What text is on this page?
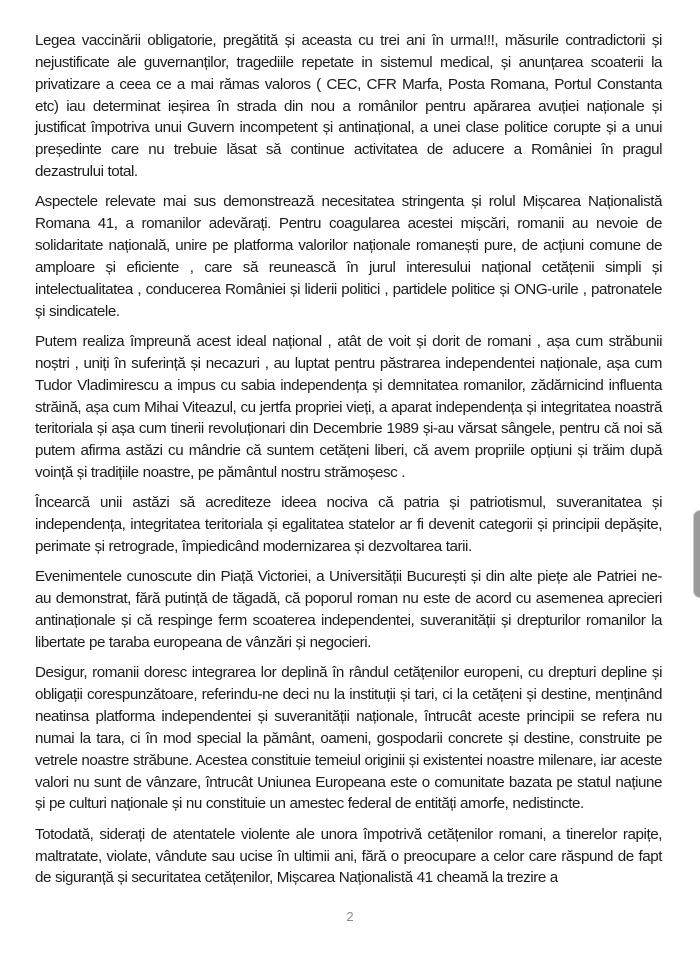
Legea vaccinării obligatorie, pregătită și aceasta cu trei ani în urma!!!, măsurile contradictorii și nejustificate ale guvernanților, tragediile repetate in sistemul medical, și anunțarea scoaterii la privatizare a ceea ce a mai rămas valoros ( CEC, CFR Marfa, Posta Romana, Portul Constanta etc) iau determinat ieșirea în strada din nou a românilor pentru apărarea avuției naționale și justificat împotriva unui Guvern incompetent și antinațional, a unei clase politice corupte și a unui președinte care nu trebuie lăsat să continue activitatea de aducere a României în pragul dezastrului total.

Aspectele relevate mai sus demonstrează necesitatea stringenta și rolul Mișcarea Naționalistă Romana 41, a romanilor adevărați. Pentru coagularea acestei mișcări, romanii au nevoie de solidaritate națională, unire pe platforma valorilor naționale romanești pure, de acțiuni comune de amploare și eficiente , care să reunească în jurul interesului național cetățenii simpli și intelectualitatea , conducerea României și liderii politici , partidele politice și ONG-urile , patronatele și sindicatele.

Putem realiza împreună acest ideal național , atât de voit și dorit de romani , așa cum străbunii noștri , uniți în suferință și necazuri , au luptat pentru păstrarea independentei naționale, așa cum Tudor Vladimirescu a impus cu sabia independența și demnitatea romanilor, zădărnicind influenta străină, așa cum Mihai Viteazul, cu jertfa propriei vieți, a aparat independența și integritatea noastră teritoriala și așa cum tinerii revoluționari din Decembrie 1989 și-au vărsat sângele, pentru că noi să putem afirma astăzi cu mândrie că suntem cetățeni liberi, că avem propriile opțiuni și trăim după voință și tradițiile noastre, pe pământul nostru strămoșesc .

Încearcă unii astăzi să acrediteze ideea nociva că patria și patriotismul, suveranitatea și independența, integritatea teritoriala și egalitatea statelor ar fi devenit categorii și principii depășite, perimate și retrograde, împiedicând modernizarea și dezvoltarea tarii.

Evenimentele cunoscute din Piață Victoriei, a Universității București și din alte piețe ale Patriei ne-au demonstrat, fără putință de tăgadă, că poporul roman nu este de acord cu asemenea aprecieri antinaționale și că respinge ferm scoaterea independentei, suveranității și drepturilor romanilor la libertate pe taraba europeana de vânzări și negocieri.

Desigur, romanii doresc integrarea lor deplină în rândul cetățenilor europeni, cu drepturi depline și obligații corespunzătoare, referindu-ne deci nu la instituții și tari, ci la cetățeni și destine, menținând neatinsa platforma independentei și suveranității naționale, întrucât aceste principii se refera nu numai la tara, ci în mod special la pământ, oameni, gospodarii concrete și destine, construite pe vetrele noastre străbune. Acestea constituie temeiul originii și existentei noastre milenare, iar aceste valori nu sunt de vânzare, întrucât Uniunea Europeana este o comunitate bazata pe statul națiune și pe culturi naționale și nu constituie un amestec federal de entități amorfe, nedistincte.

Totodată, siderați de atentatele violente ale unora împotrivă cetățenilor romani, a tinerelor rapițe, maltratate, violate, vândute sau ucise în ultimii ani, fără o preocupare a celor care răspund de fapt de siguranță și securitatea cetățenilor, Mișcarea Naționalistă 41 cheamă la trezire a

2
